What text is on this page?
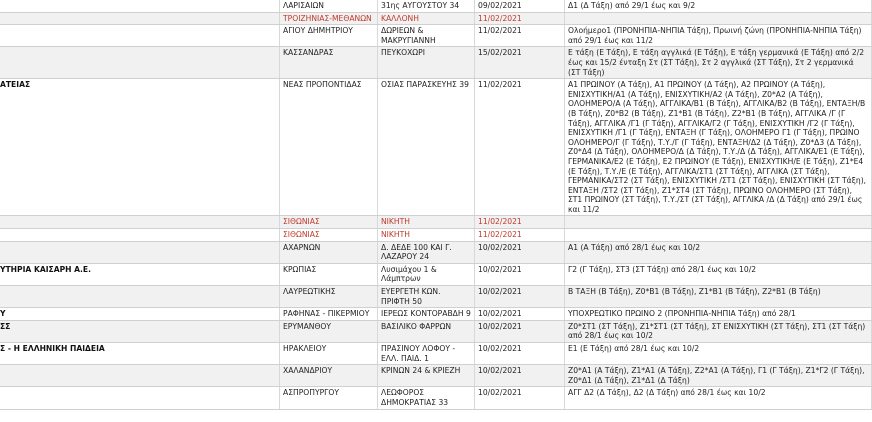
	ΛΑΡΙΣΑΙΩΝ	31ης ΑΥΓΟΥΣΤΟΥ 34	09/02/2021	Δ1 (Δ Τάξη) από 29/1 έως και 9/2
	ΤΡΟΙΖΗΝΙΑΣ-ΜΕΘΑΝΩΝ	ΚΑΛΛΟΝΗ	11/02/2021	
	ΑΓΙΟΥ ΔΗΜΗΤΡΙΟΥ	ΔΩΡΙΕΩΝ & ΜΑΚΡΥΓΙΑΝΝΗ	11/02/2021	Ολοήμερο1 (ΠΡΟΝΗΠΙΑ-ΝΗΠΙΑ Τάξη), Πρωινή ζώνη (ΠΡΟΝΗΠΙΑ-ΝΗΠΙΑ Τάξη) από 29/1 έως και 11/2
	ΚΑΣΣΑΝΔΡΑΣ	ΠΕΥΚΟΧΩΡΙ	15/02/2021	Ε τάξη (Ε Τάξη), Ε τάξη αγγλικά (Ε Τάξη), Ε τάξη γερμανικά (Ε Τάξη) από 2/2 έως και 15/2 ένταξη Στ (ΣΤ Τάξη), Στ 2 αγγλικά (ΣΤ Τάξη), Στ 2 γερμανικά (ΣΤ Τάξη)
ΑΤΕΙΑΣ	ΝΕΑΣ ΠΡΟΠΟΝΤΙΔΑΣ	ΟΣΙΑΣ ΠΑΡΑΣΚΕΥΗΣ 39	11/02/2021	Α1 ΠΡΩΙΝΟΥ (Α Τάξη), Α1 ΠΡΩΙΝΟΥ (Δ Τάξη), Α2 ΠΡΩΙΝΟΥ (Α Τάξη), ΕΝΙΣΧΥΤΙΚΗ/Α1 (Α Τάξη), ΕΝΙΣΧΥΤΙΚΗ/Α2 (Α Τάξη), Ζ0*Α2 (Α Τάξη), ΟΛΟΗΜΕΡΟ/Α (Α Τάξη), ΑΓΓΛΙΚΑ/Β1 (Β Τάξη), ΑΓΓΛΙΚΑ/Β2 (Β Τάξη), ΕΝΤΑΞΗ/Β (Β Τάξη), Ζ0*Β2 (Β Τάξη), Ζ1*Β1 (Β Τάξη), Ζ2*Β1 (Β Τάξη), ΑΓΓΛΙΚΑ /Γ (Γ Τάξη), ΑΓΓΛΙΚΑ /Γ1 (Γ Τάξη), ΑΓΓΛΙΚΑ/Γ2 (Γ Τάξη), ΕΝΙΣΧΥΤΙΚΗ /Γ2 (Γ Τάξη), ΕΝΙΣΧΥΤΙΚΗ /Γ1 (Γ Τάξη), ΕΝΤΑΞΗ (Γ Τάξη), ΟΛΟΗΜΕΡΟ Γ1 (Γ Τάξη), ΠΡΩΙΝΟ ΟΛΟΗΜΕΡΟ/Γ (Γ Τάξη), Τ.Υ./Γ (Γ Τάξη), ΕΝΤΑΞΗ/Δ2 (Δ Τάξη), Ζ0*Δ3 (Δ Τάξη), Ζ0*Δ4 (Δ Τάξη), ΟΛΟΗΜΕΡΟ/Δ (Δ Τάξη), Τ.Υ./Δ (Δ Τάξη), ΑΓΓΛΙΚΑ/Ε1 (Ε Τάξη), ΓΕΡΜΑΝΙΚΑ/Ε2 (Ε Τάξη), Ε2 ΠΡΩΙΝΟΥ (Ε Τάξη), ΕΝΙΣΧΥΤΙΚΗ/Ε (Ε Τάξη), Ζ1*Ε4 (Ε Τάξη), Τ.Υ./Ε (Ε Τάξη), ΑΓΓΛΙΚΑ/ΣΤ1 (ΣΤ Τάξη), ΑΓΓΛΙΚΑ (ΣΤ Τάξη), ΓΕΡΜΑΝΙΚΑ/ΣΤ2 (ΣΤ Τάξη), ΕΝΙΣΧΥΤΙΚΗ /ΣΤ1 (ΣΤ Τάξη), ΕΝΙΣΧΥΤΙΚΗ (ΣΤ Τάξη), ΕΝΤΑΞΗ /ΣΤ2 (ΣΤ Τάξη), Ζ1*ΣΤ4 (ΣΤ Τάξη), ΠΡΩΙΝΟ ΟΛΟΗΜΕΡΟ (ΣΤ Τάξη), ΣΤ1 ΠΡΩΙΝΟΥ (ΣΤ Τάξη), Τ.Υ./ΣΤ (ΣΤ Τάξη), ΑΓΓΛΙΚΑ /Δ (Δ Τάξη) από 29/1 έως και 11/2
	ΣΙΘΩΝΙΑΣ	ΝΙΚΗΤΗ	11/02/2021	
	ΣΙΘΩΝΙΑΣ	ΝΙΚΗΤΗ	11/02/2021	
	ΑΧΑΡΝΩΝ	Δ. ΔΕΔΕ 100 ΚΑΙ Γ. ΛΑΖΑΡΟΥ 24	10/02/2021	Α1 (Α Τάξη) από 28/1 έως και 10/2
ΥΤΗΡΙΑ ΚΑΙΣΑΡΗ Α.Ε.	ΚΡΩΠΙΑΣ	Λυσιμάχου 1 & Λάμπτρων	10/02/2021	Γ2 (Γ Τάξη), ΣΤ3 (ΣΤ Τάξη) από 28/1 έως και 10/2
	ΛΑΥΡΕΩΤΙΚΗΣ	ΕΥΕΡΓΕΤΗ ΚΩΝ. ΠΡΙΦΤΗ 50	10/02/2021	Β ΤΑΞΗ (Β Τάξη), Ζ0*Β1 (Β Τάξη), Ζ1*Β1 (Β Τάξη), Ζ2*Β1 (Β Τάξη)
Υ	ΡΑΦΗΝΑΣ - ΠΙΚΕΡΜΙΟΥ	ΙΕΡΕΩΣ ΚΟΝΤΟΡΑΒΔΗ 9	10/02/2021	ΥΠΟΧΡΕΩΤΙΚΟ ΠΡΩΙΝΟ 2 (ΠΡΟΝΗΠΙΑ-ΝΗΠΙΑ Τάξη) από 28/1
ΣΣ	ΕΡΥΜΑΝΘΟΥ	ΒΑΣΙΛΙΚΟ ΦΑΡΡΩΝ	10/02/2021	Ζ0*ΣΤ1 (ΣΤ Τάξη), Ζ1*ΣΤ1 (ΣΤ Τάξη), ΣΤ ΕΝΙΣΧΥΤΙΚΗ (ΣΤ Τάξη), ΣΤ1 (ΣΤ Τάξη) από 28/1 έως και 10/2
Σ - Η ΕΛΛΗΝΙΚΗ ΠΑΙΔΕΙΑ	ΗΡΑΚΛΕΙΟΥ	ΠΡΑΣΙΝΟΥ ΛΟΦΟΥ - ΕΛΛ. ΠΑΙΔ. 1	10/02/2021	Ε1 (Ε Τάξη) από 28/1 έως και 10/2
	ΧΑΛΑΝΔΡΙΟΥ	ΚΡΙΝΩΝ 24 & ΚΡΙΕΖΗ	10/02/2021	Ζ0*Α1 (Α Τάξη), Ζ1*Α1 (Α Τάξη), Ζ2*Α1 (Α Τάξη), Γ1 (Γ Τάξη), Ζ1*Γ2 (Γ Τάξη), Ζ0*Δ1 (Δ Τάξη), Ζ1*Δ1 (Δ Τάξη)
	ΑΣΠΡΟΠΥΡΓΟΥ	ΛΕΩΦΟΡΟΣ ΔΗΜΟΚΡΑΤΙΑΣ 33	10/02/2021	ΑΓΓ Δ2 (Δ Τάξη), Δ2 (Δ Τάξη) από 28/1 έως και 10/2
